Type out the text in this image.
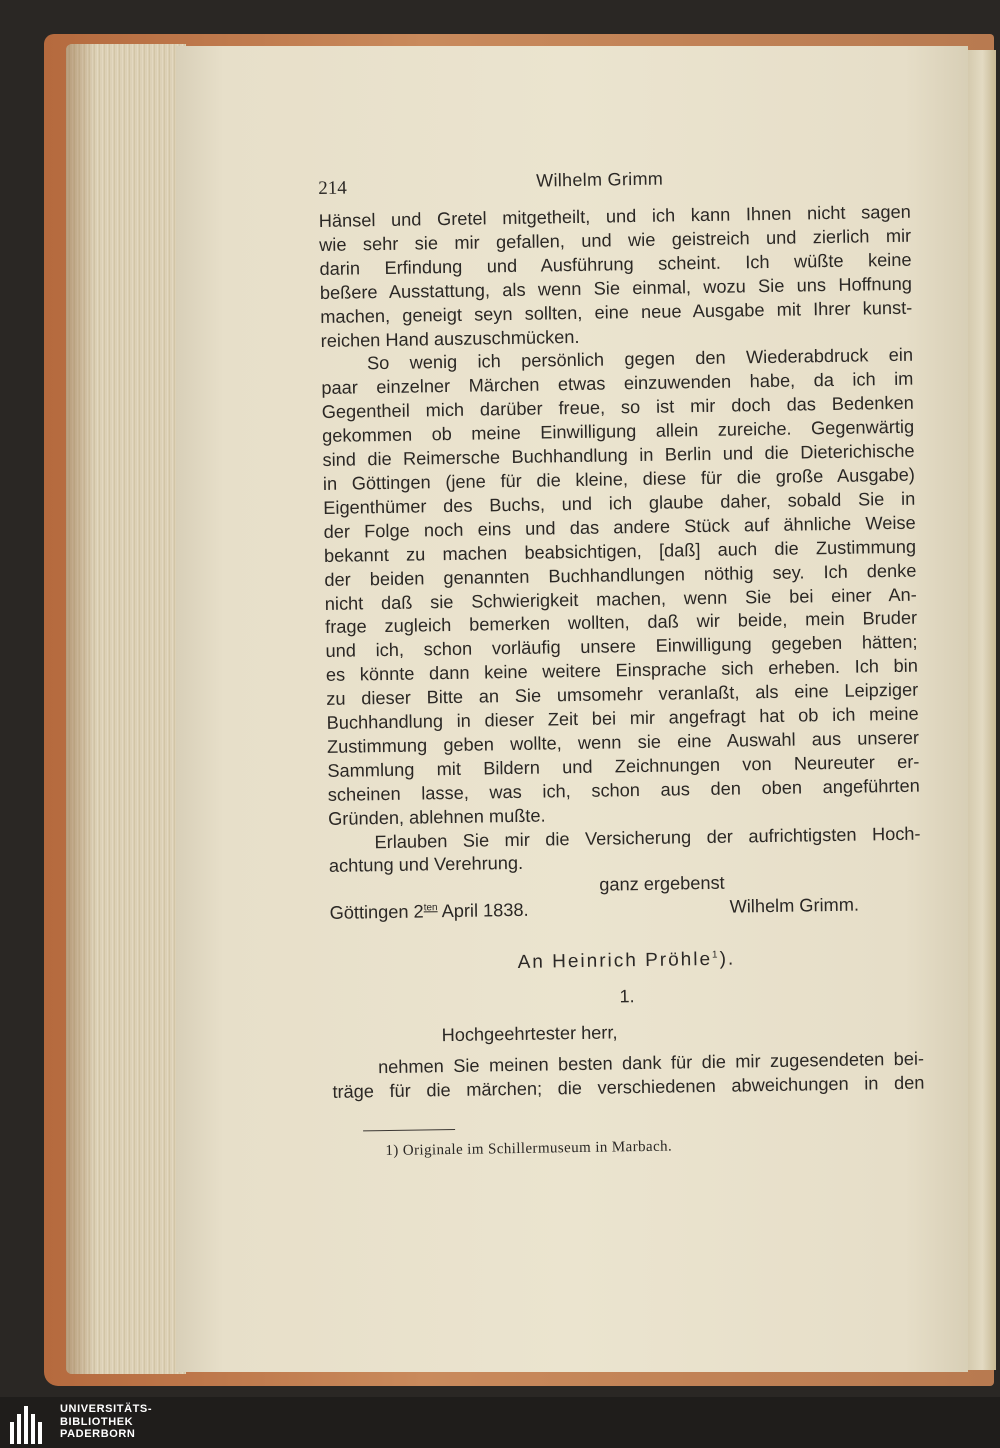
214	Wilhelm Grimm

Hänsel und Gretel mitgetheilt, und ich kann Ihnen nicht sagen
wie sehr sie mir gefallen, und wie geistreich und zierlich mir
darin Erfindung und Ausführung scheint. Ich wüßte keine
beßere Ausstattung, als wenn Sie einmal, wozu Sie uns Hoffnung
machen, geneigt seyn sollten, eine neue Ausgabe mit Ihrer kunst-
reichen Hand auszuschmücken.

So wenig ich persönlich gegen den Wiederabdruck ein
paar einzelner Märchen etwas einzuwenden habe, da ich im
Gegentheil mich darüber freue, so ist mir doch das Bedenken
gekommen ob meine Einwilligung allein zureiche. Gegenwärtig
sind die Reimersche Buchhandlung in Berlin und die Dieterichische
in Göttingen (jene für die kleine, diese für die große Ausgabe)
Eigenthümer des Buchs, und ich glaube daher, sobald Sie in
der Folge noch eins und das andere Stück auf ähnliche Weise
bekannt zu machen beabsichtigen, [daß] auch die Zustimmung
der beiden genannten Buchhandlungen nöthig sey. Ich denke
nicht daß sie Schwierigkeit machen, wenn Sie bei einer An-
frage zugleich bemerken wollten, daß wir beide, mein Bruder
und ich, schon vorläufig unsere Einwilligung gegeben hätten;
es könnte dann keine weitere Einsprache sich erheben. Ich bin
zu dieser Bitte an Sie umsomehr veranlaßt, als eine Leipziger
Buchhandlung in dieser Zeit bei mir angefragt hat ob ich meine
Zustimmung geben wollte, wenn sie eine Auswahl aus unserer
Sammlung mit Bildern und Zeichnungen von Neureuter er-
scheinen lasse, was ich, schon aus den oben angeführten
Gründen, ablehnen mußte.

Erlauben Sie mir die Versicherung der aufrichtigsten Hoch-
achtung und Verehrung.

ganz ergebenst
Göttingen $2^{ten}$ April 1838.	Wilhelm Grimm.
An Heinrich Pröhle$^1$).
1.
Hochgeehrtester herr,

nehmen Sie meinen besten dank für die mir zugesendeten bei-
träge für die märchen; die verschiedenen abweichungen in den

1) Originale im Schillermuseum in Marbach.
UNIVERSITÄTS-
BIBLIOTHEK
PADERBORN
